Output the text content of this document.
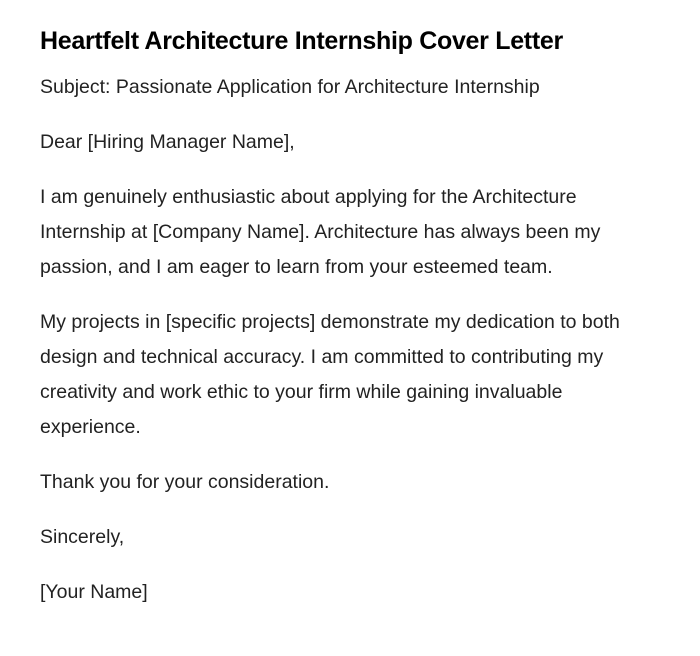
Heartfelt Architecture Internship Cover Letter

Subject: Passionate Application for Architecture Internship

Dear [Hiring Manager Name],

I am genuinely enthusiastic about applying for the Architecture Internship at [Company Name]. Architecture has always been my passion, and I am eager to learn from your esteemed team.

My projects in [specific projects] demonstrate my dedication to both design and technical accuracy. I am committed to contributing my creativity and work ethic to your firm while gaining invaluable experience.

Thank you for your consideration.

Sincerely,

[Your Name]
